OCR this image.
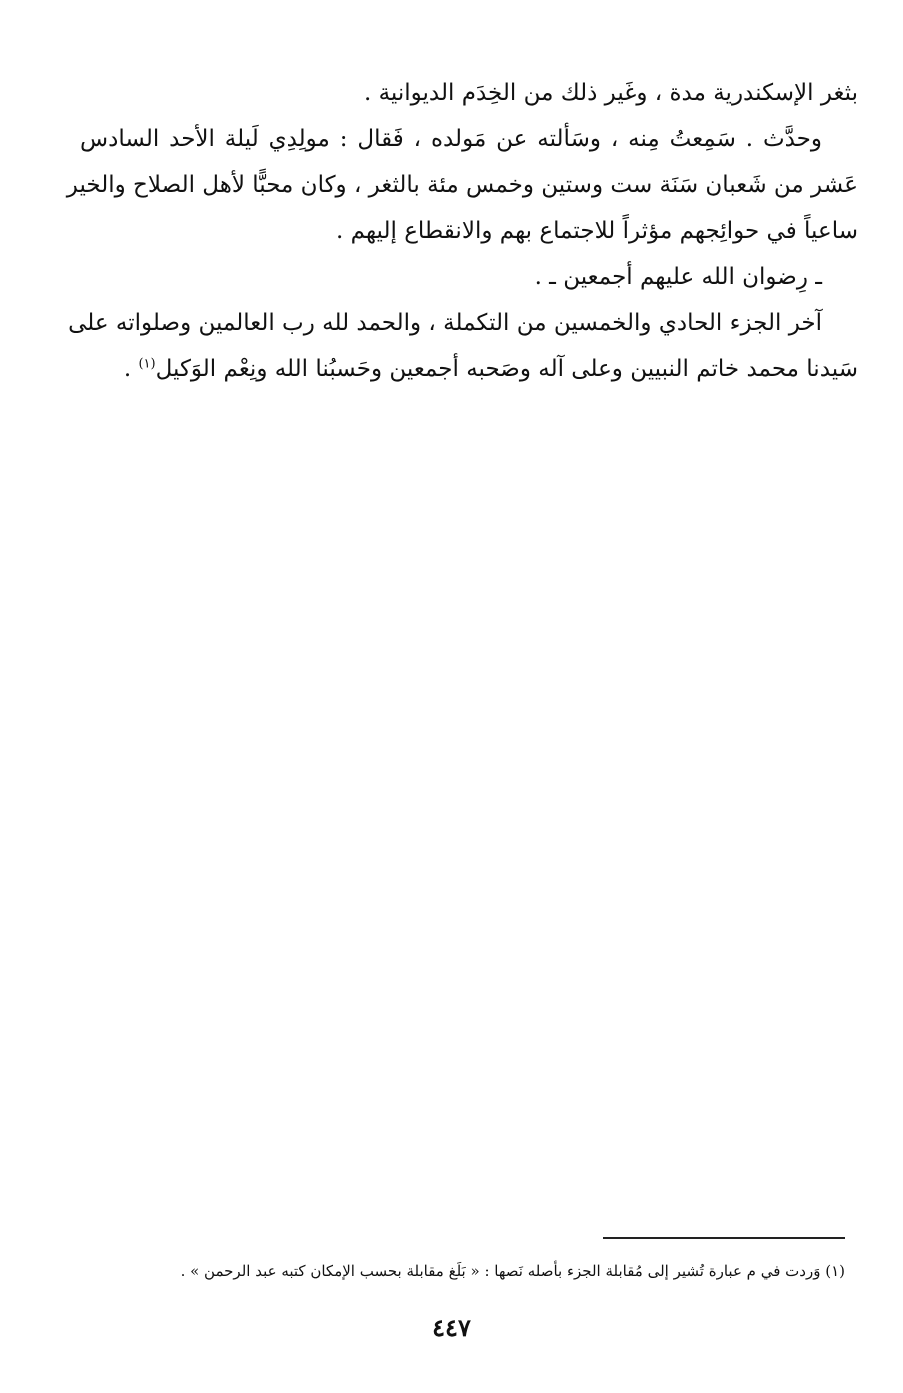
بثغر الإسكندرية مدة ، وغَير ذلك من الخِدَم الديوانية .
وحدَّث . سَمِعتُ مِنه ، وسَألته عن مَولده ، فَقال : مولِدِي لَيلة الأحد السادس
عَشر من شَعبان سَنَة ست وستين وخمس مئة بالثغر ، وكان محبًّا لأهل الصلاح والخير
ساعياً في حوائِجهم مؤثراً للاجتماع بهم والانقطاع إليهم .
ـ رِضوان الله عليهم أجمعين ـ .
آخر الجزء الحادي والخمسين من التكملة ، والحمد لله رب العالمين وصلواته على
سَيدنا محمد خاتم النبيين وعلى آله وصَحبه أجمعين وحَسبُنا الله ونِعْم الوَكيل$^{(١)}$ .
(١) وَردت في م عبارة تُشير إلى مُقابلة الجزء بأصله نَصها : « بَلَغ مقابلة بحسب الإمكان كتبه عبد الرحمن » .
٤٤٧
